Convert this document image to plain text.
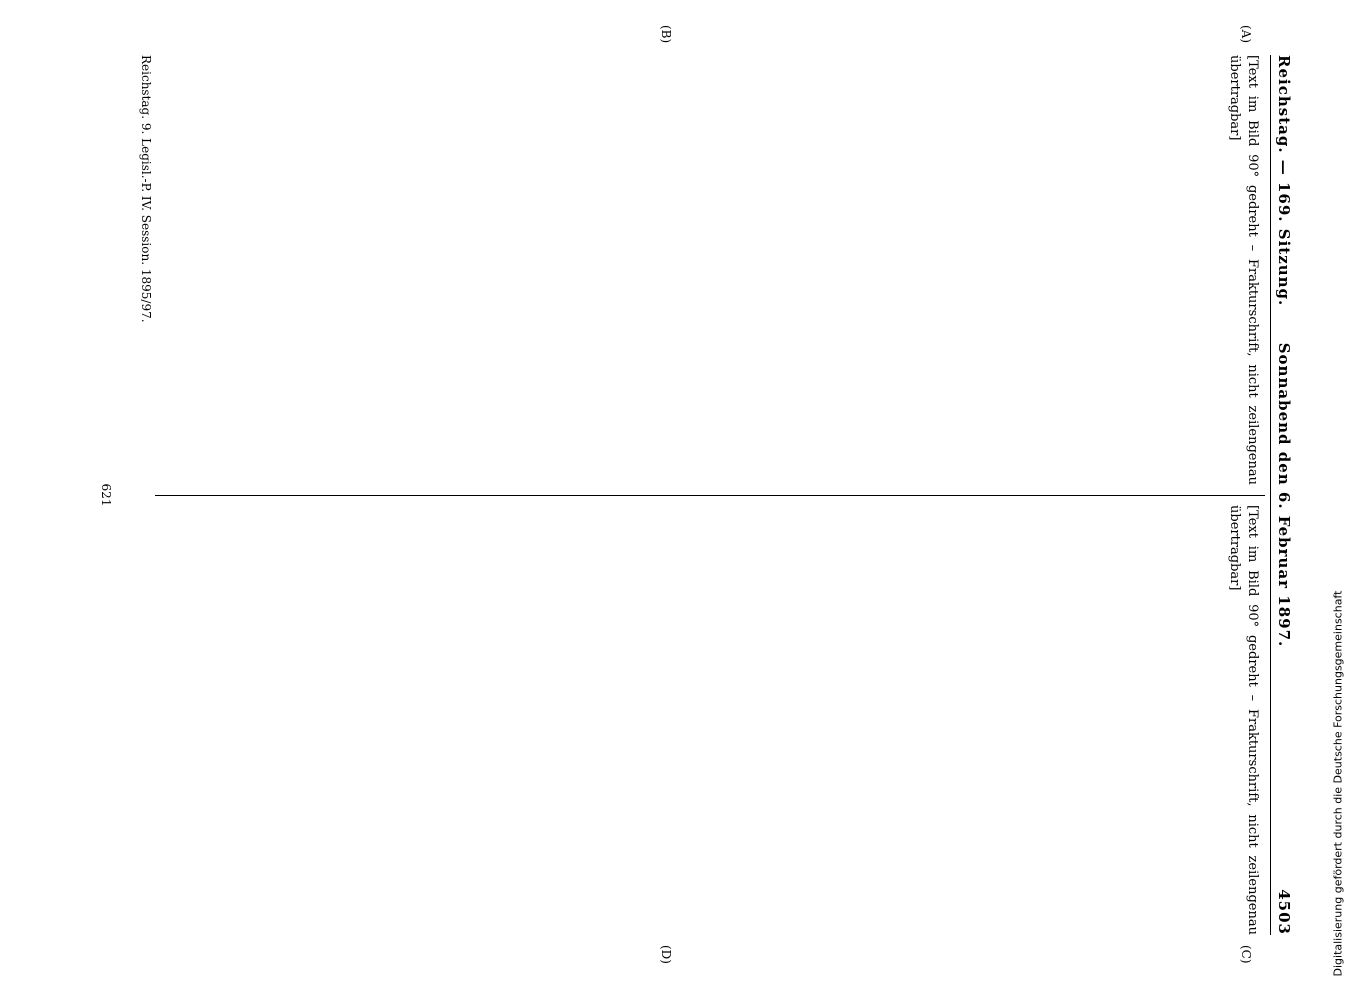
Reichstag. — 169. Sitzung.
Sonnabend den 6. Februar 1897.
4503
(A)
(B)
(C)
(D)
[Text im Bild 90° gedreht – Frakturschrift, nicht zeilengenau übertragbar]
[Text im Bild 90° gedreht – Frakturschrift, nicht zeilengenau übertragbar]
Reichstag. 9. Legisl.-P. IV. Session. 1895/97.
621
Digitalisierung gefördert durch die Deutsche Forschungsgemeinschaft
